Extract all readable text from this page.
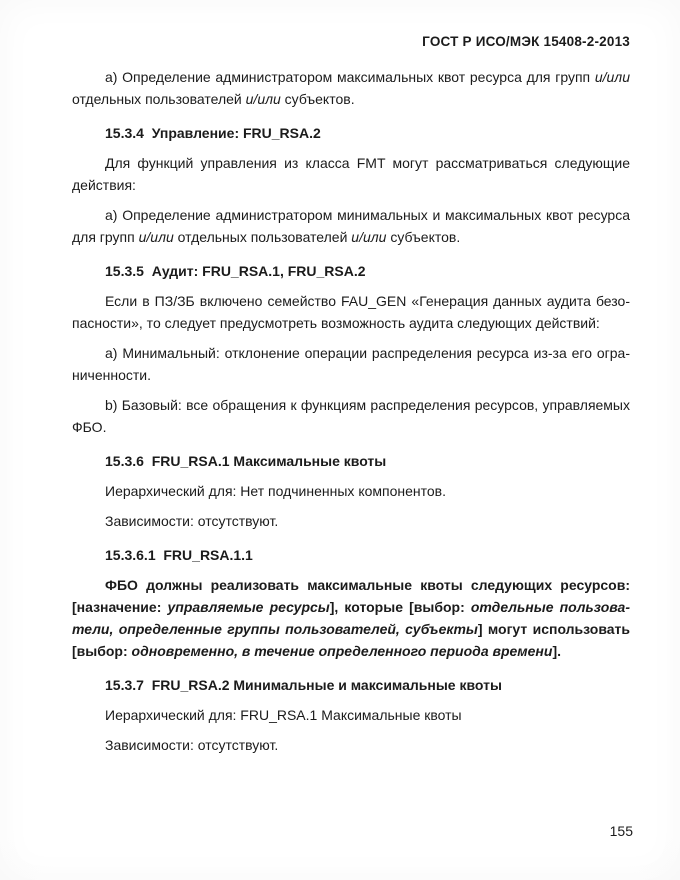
ГОСТ Р ИСО/МЭК 15408-2-2013
а) Определение администратором максимальных квот ресурса для групп и/или
отдельных пользователей и/или субъектов.
15.3.4  Управление: FRU_RSA.2
Для функций управления из класса FMT могут рассматриваться следующие
действия:
а) Определение администратором минимальных и максимальных квот ресурса
для групп и/или отдельных пользователей и/или субъектов.
15.3.5  Аудит: FRU_RSA.1, FRU_RSA.2
Если в ПЗ/ЗБ включено семейство FAU_GEN «Генерация данных аудита безо-
пасности», то следует предусмотреть возможность аудита следующих действий:
а) Минимальный: отклонение операции распределения ресурса из-за его огра-
ниченности.
b) Базовый: все обращения к функциям распределения ресурсов, управляемых
ФБО.
15.3.6  FRU_RSA.1 Максимальные квоты
Иерархический для: Нет подчиненных компонентов.
Зависимости: отсутствуют.
15.3.6.1  FRU_RSA.1.1
ФБО должны реализовать максимальные квоты следующих ресурсов:
[назначение: управляемые ресурсы], которые [выбор: отдельные пользова-
тели, определенные группы пользователей, субъекты] могут использовать
[выбор: одновременно, в течение определенного периода времени].
15.3.7  FRU_RSA.2 Минимальные и максимальные квоты
Иерархический для: FRU_RSA.1 Максимальные квоты
Зависимости: отсутствуют.
155
